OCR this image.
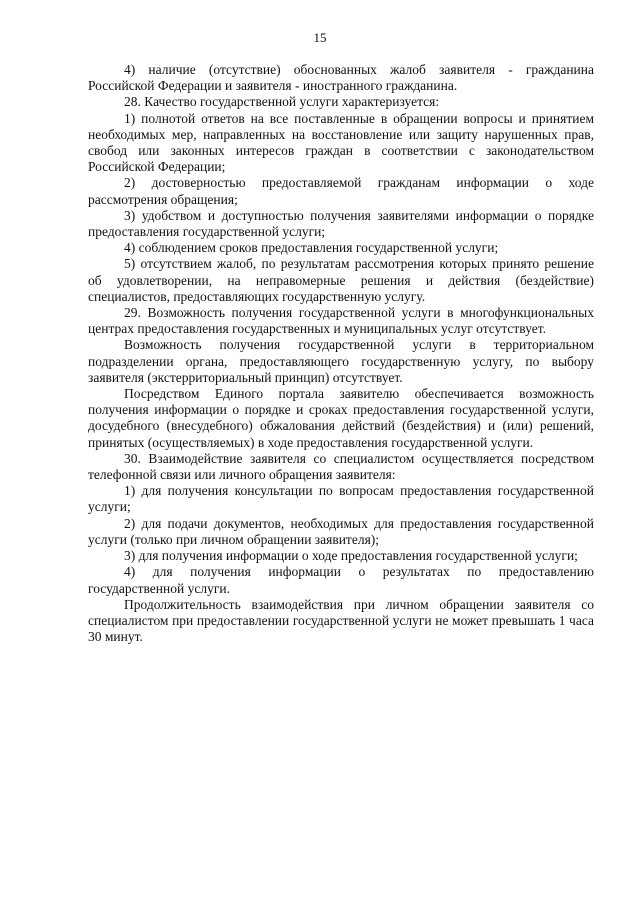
15

4) наличие (отсутствие) обоснованных жалоб заявителя - гражданина Российской Федерации и заявителя - иностранного гражданина.

28. Качество государственной услуги характеризуется:

1) полнотой ответов на все поставленные в обращении вопросы и принятием необходимых мер, направленных на восстановление или защиту нарушенных прав, свобод или законных интересов граждан в соответствии с законодательством Российской Федерации;

2) достоверностью предоставляемой гражданам информации о ходе рассмотрения обращения;

3) удобством и доступностью получения заявителями информации о порядке предоставления государственной услуги;

4) соблюдением сроков предоставления государственной услуги;

5) отсутствием жалоб, по результатам рассмотрения которых принято решение об удовлетворении, на неправомерные решения и действия (бездействие) специалистов, предоставляющих государственную услугу.

29. Возможность получения государственной услуги в многофункциональных центрах предоставления государственных и муниципальных услуг отсутствует.

Возможность получения государственной услуги в территориальном подразделении органа, предоставляющего государственную услугу, по выбору заявителя (экстерриториальный принцип) отсутствует.

Посредством Единого портала заявителю обеспечивается возможность получения информации о порядке и сроках предоставления государственной услуги, досудебного (внесудебного) обжалования действий (бездействия) и (или) решений, принятых (осуществляемых) в ходе предоставления государственной услуги.

30. Взаимодействие заявителя со специалистом осуществляется посредством телефонной связи или личного обращения заявителя:

1) для получения консультации по вопросам предоставления государственной услуги;

2) для подачи документов, необходимых для предоставления государственной услуги (только при личном обращении заявителя);

3) для получения информации о ходе предоставления государственной услуги;

4) для получения информации о результатах по предоставлению государственной услуги.

Продолжительность взаимодействия при личном обращении заявителя со специалистом при предоставлении государственной услуги не может превышать 1 часа 30 минут.
